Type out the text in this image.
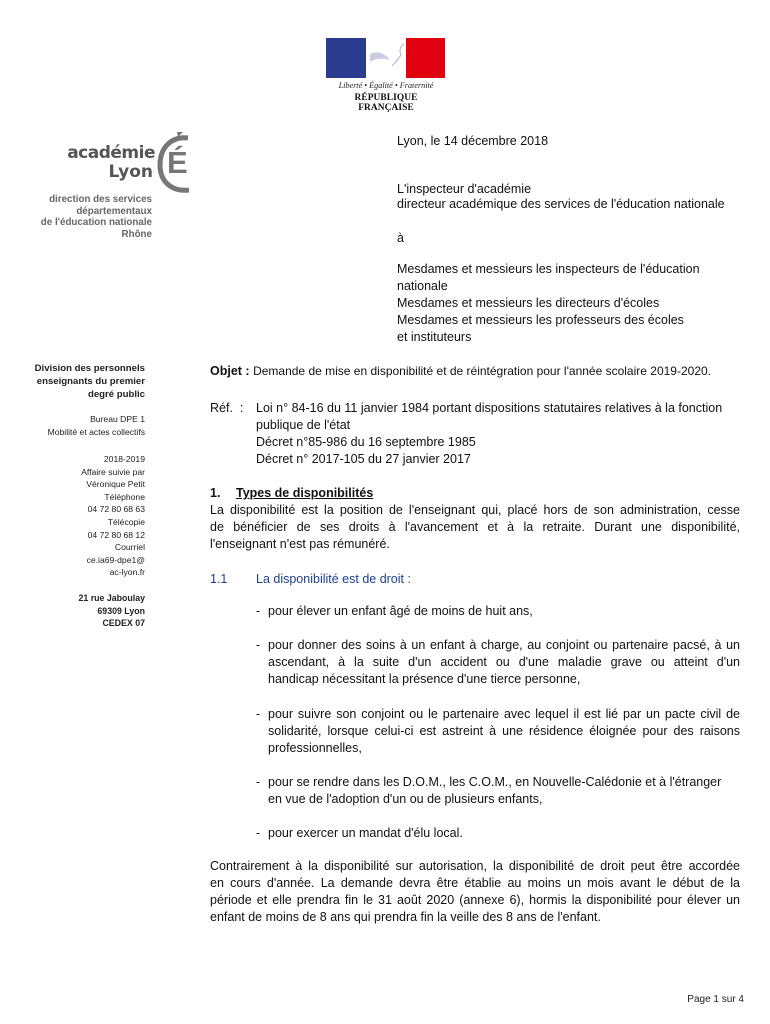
Liberté • Égalité • Fraternité
RÉPUBLIQUE FRANÇAISE
académie
Lyon É
direction des services
départementaux
de l'éducation nationale
Rhône
Lyon, le 14 décembre 2018
L'inspecteur d'académie
directeur académique des services de l'éducation nationale
à
Mesdames et messieurs les inspecteurs de l'éducation
nationale
Mesdames et messieurs les directeurs d'écoles
Mesdames et messieurs les professeurs des écoles
et instituteurs
Division des personnels
enseignants du premier
degré public
Bureau DPE 1
Mobilité et actes collectifs
2018-2019
Affaire suivie par
Véronique Petit
Téléphone
04 72 80 68 63
Télécopie
04 72 80 68 12
Courriel
ce.ia69-dpe1@
ac-lyon.fr
21 rue Jaboulay
69309 Lyon
CEDEX 07
Objet : Demande de mise en disponibilité et de réintégration pour l'année scolaire 2019-2020.
Réf.  : Loi n° 84-16 du 11 janvier 1984 portant dispositions statutaires relatives à la fonction
publique de l'état
Décret n°85-986 du 16 septembre 1985
Décret n° 2017-105 du 27 janvier 2017
1. Types de disponibilités
La disponibilité est la position de l'enseignant qui, placé hors de son administration, cesse
de bénéficier de ses droits à l'avancement et à la retraite. Durant une disponibilité,
l'enseignant n'est pas rémunéré.
1.1 La disponibilité est de droit :
- pour élever un enfant âgé de moins de huit ans,
- pour donner des soins à un enfant à charge, au conjoint ou partenaire pacsé, à un
ascendant, à la suite d'un accident ou d'une maladie grave ou atteint d'un
handicap nécessitant la présence d'une tierce personne,
- pour suivre son conjoint ou le partenaire avec lequel il est lié par un pacte civil de
solidarité, lorsque celui-ci est astreint à une résidence éloignée pour des raisons
professionnelles,
- pour se rendre dans les D.O.M., les C.O.M., en Nouvelle-Calédonie et à l'étranger
en vue de l'adoption d'un ou de plusieurs enfants,
- pour exercer un mandat d'élu local.
Contrairement à la disponibilité sur autorisation, la disponibilité de droit peut être accordée
en cours d'année. La demande devra être établie au moins un mois avant le début de la
période et elle prendra fin le 31 août 2020 (annexe 6), hormis la disponibilité pour élever un
enfant de moins de 8 ans qui prendra fin la veille des 8 ans de l'enfant.
Page 1 sur 4
